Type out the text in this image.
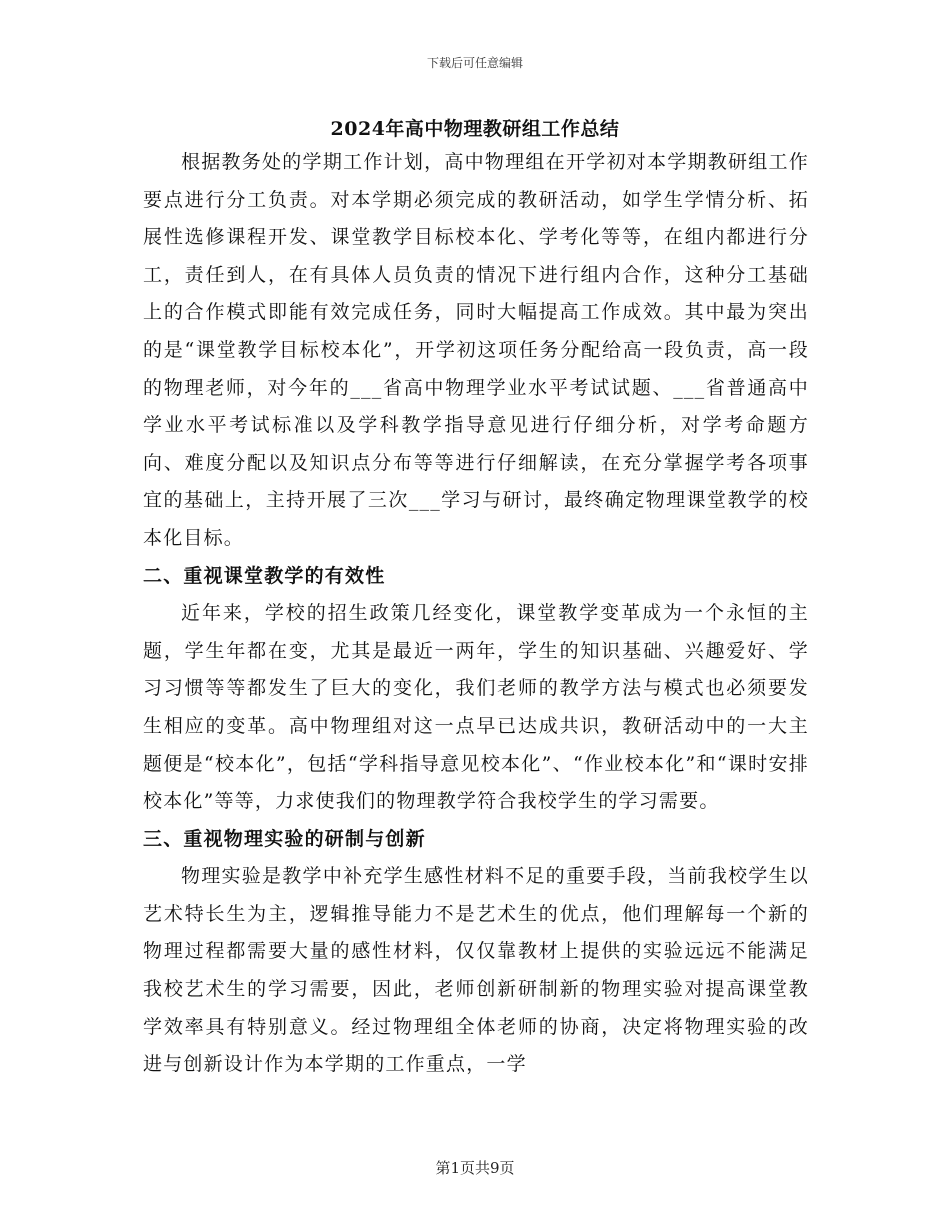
下载后可任意编辑
2024年高中物理教研组工作总结

根据教务处的学期工作计划，高中物理组在开学初对本学期教研组工作要点进行分工负责。对本学期必须完成的教研活动，如学生学情分析、拓展性选修课程开发、课堂教学目标校本化、学考化等等，在组内都进行分工，责任到人，在有具体人员负责的情况下进行组内合作，这种分工基础上的合作模式即能有效完成任务，同时大幅提高工作成效。其中最为突出的是“课堂教学目标校本化”，开学初这项任务分配给高一段负责，高一段的物理老师，对今年的___省高中物理学业水平考试试题、___省普通高中学业水平考试标准以及学科教学指导意见进行仔细分析，对学考命题方向、难度分配以及知识点分布等等进行仔细解读，在充分掌握学考各项事宜的基础上，主持开展了三次___学习与研讨，最终确定物理课堂教学的校本化目标。

二、重视课堂教学的有效性

近年来，学校的招生政策几经变化，课堂教学变革成为一个永恒的主题，学生年都在变，尤其是最近一两年，学生的知识基础、兴趣爱好、学习习惯等等都发生了巨大的变化，我们老师的教学方法与模式也必须要发生相应的变革。高中物理组对这一点早已达成共识，教研活动中的一大主题便是“校本化”，包括“学科指导意见校本化”、“作业校本化”和“课时安排校本化”等等，力求使我们的物理教学符合我校学生的学习需要。

三、重视物理实验的研制与创新

物理实验是教学中补充学生感性材料不足的重要手段，当前我校学生以艺术特长生为主，逻辑推导能力不是艺术生的优点，他们理解每一个新的物理过程都需要大量的感性材料，仅仅靠教材上提供的实验远远不能满足我校艺术生的学习需要，因此，老师创新研制新的物理实验对提高课堂教学效率具有特别意义。经过物理组全体老师的协商，决定将物理实验的改进与创新设计作为本学期的工作重点，一学

第1页共9页
